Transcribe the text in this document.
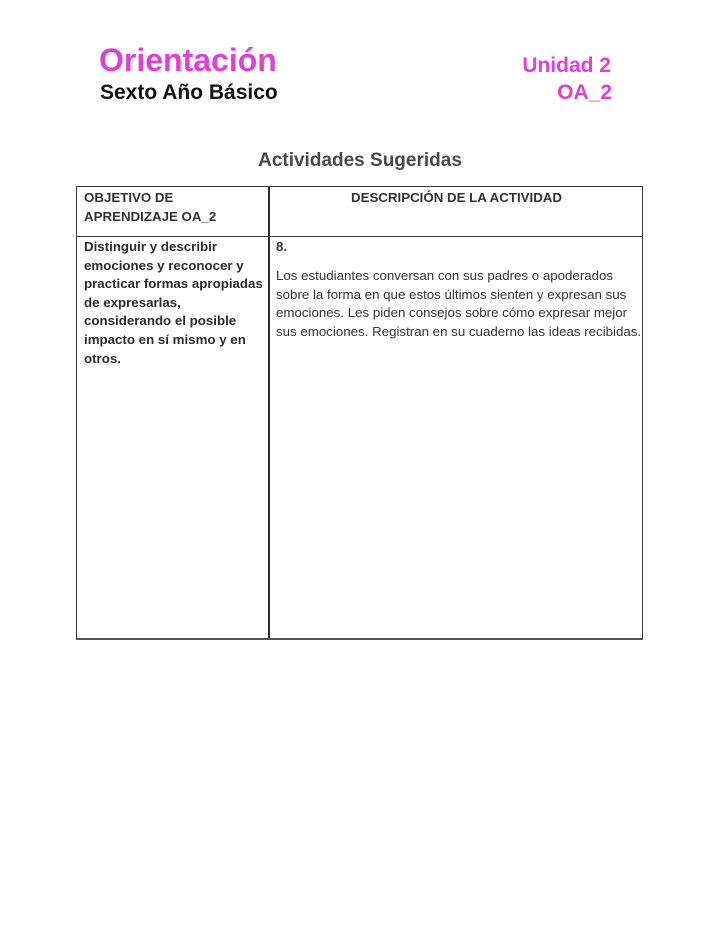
Orientación
Sexto Año Básico
Unidad 2
OA_2
Actividades Sugeridas
OBJETIVO DE APRENDIZAJE OA_2
DESCRIPCIÓN DE LA ACTIVIDAD
Distinguir y describir emociones y reconocer y practicar formas apropiadas de expresarlas, considerando el posible impacto en sí mismo y en otros.
8.
Los estudiantes conversan con sus padres o apoderados sobre la forma en que estos últimos sienten y expresan sus emociones. Les piden consejos sobre cómo expresar mejor sus emociones. Registran en su cuaderno las ideas recibidas.
